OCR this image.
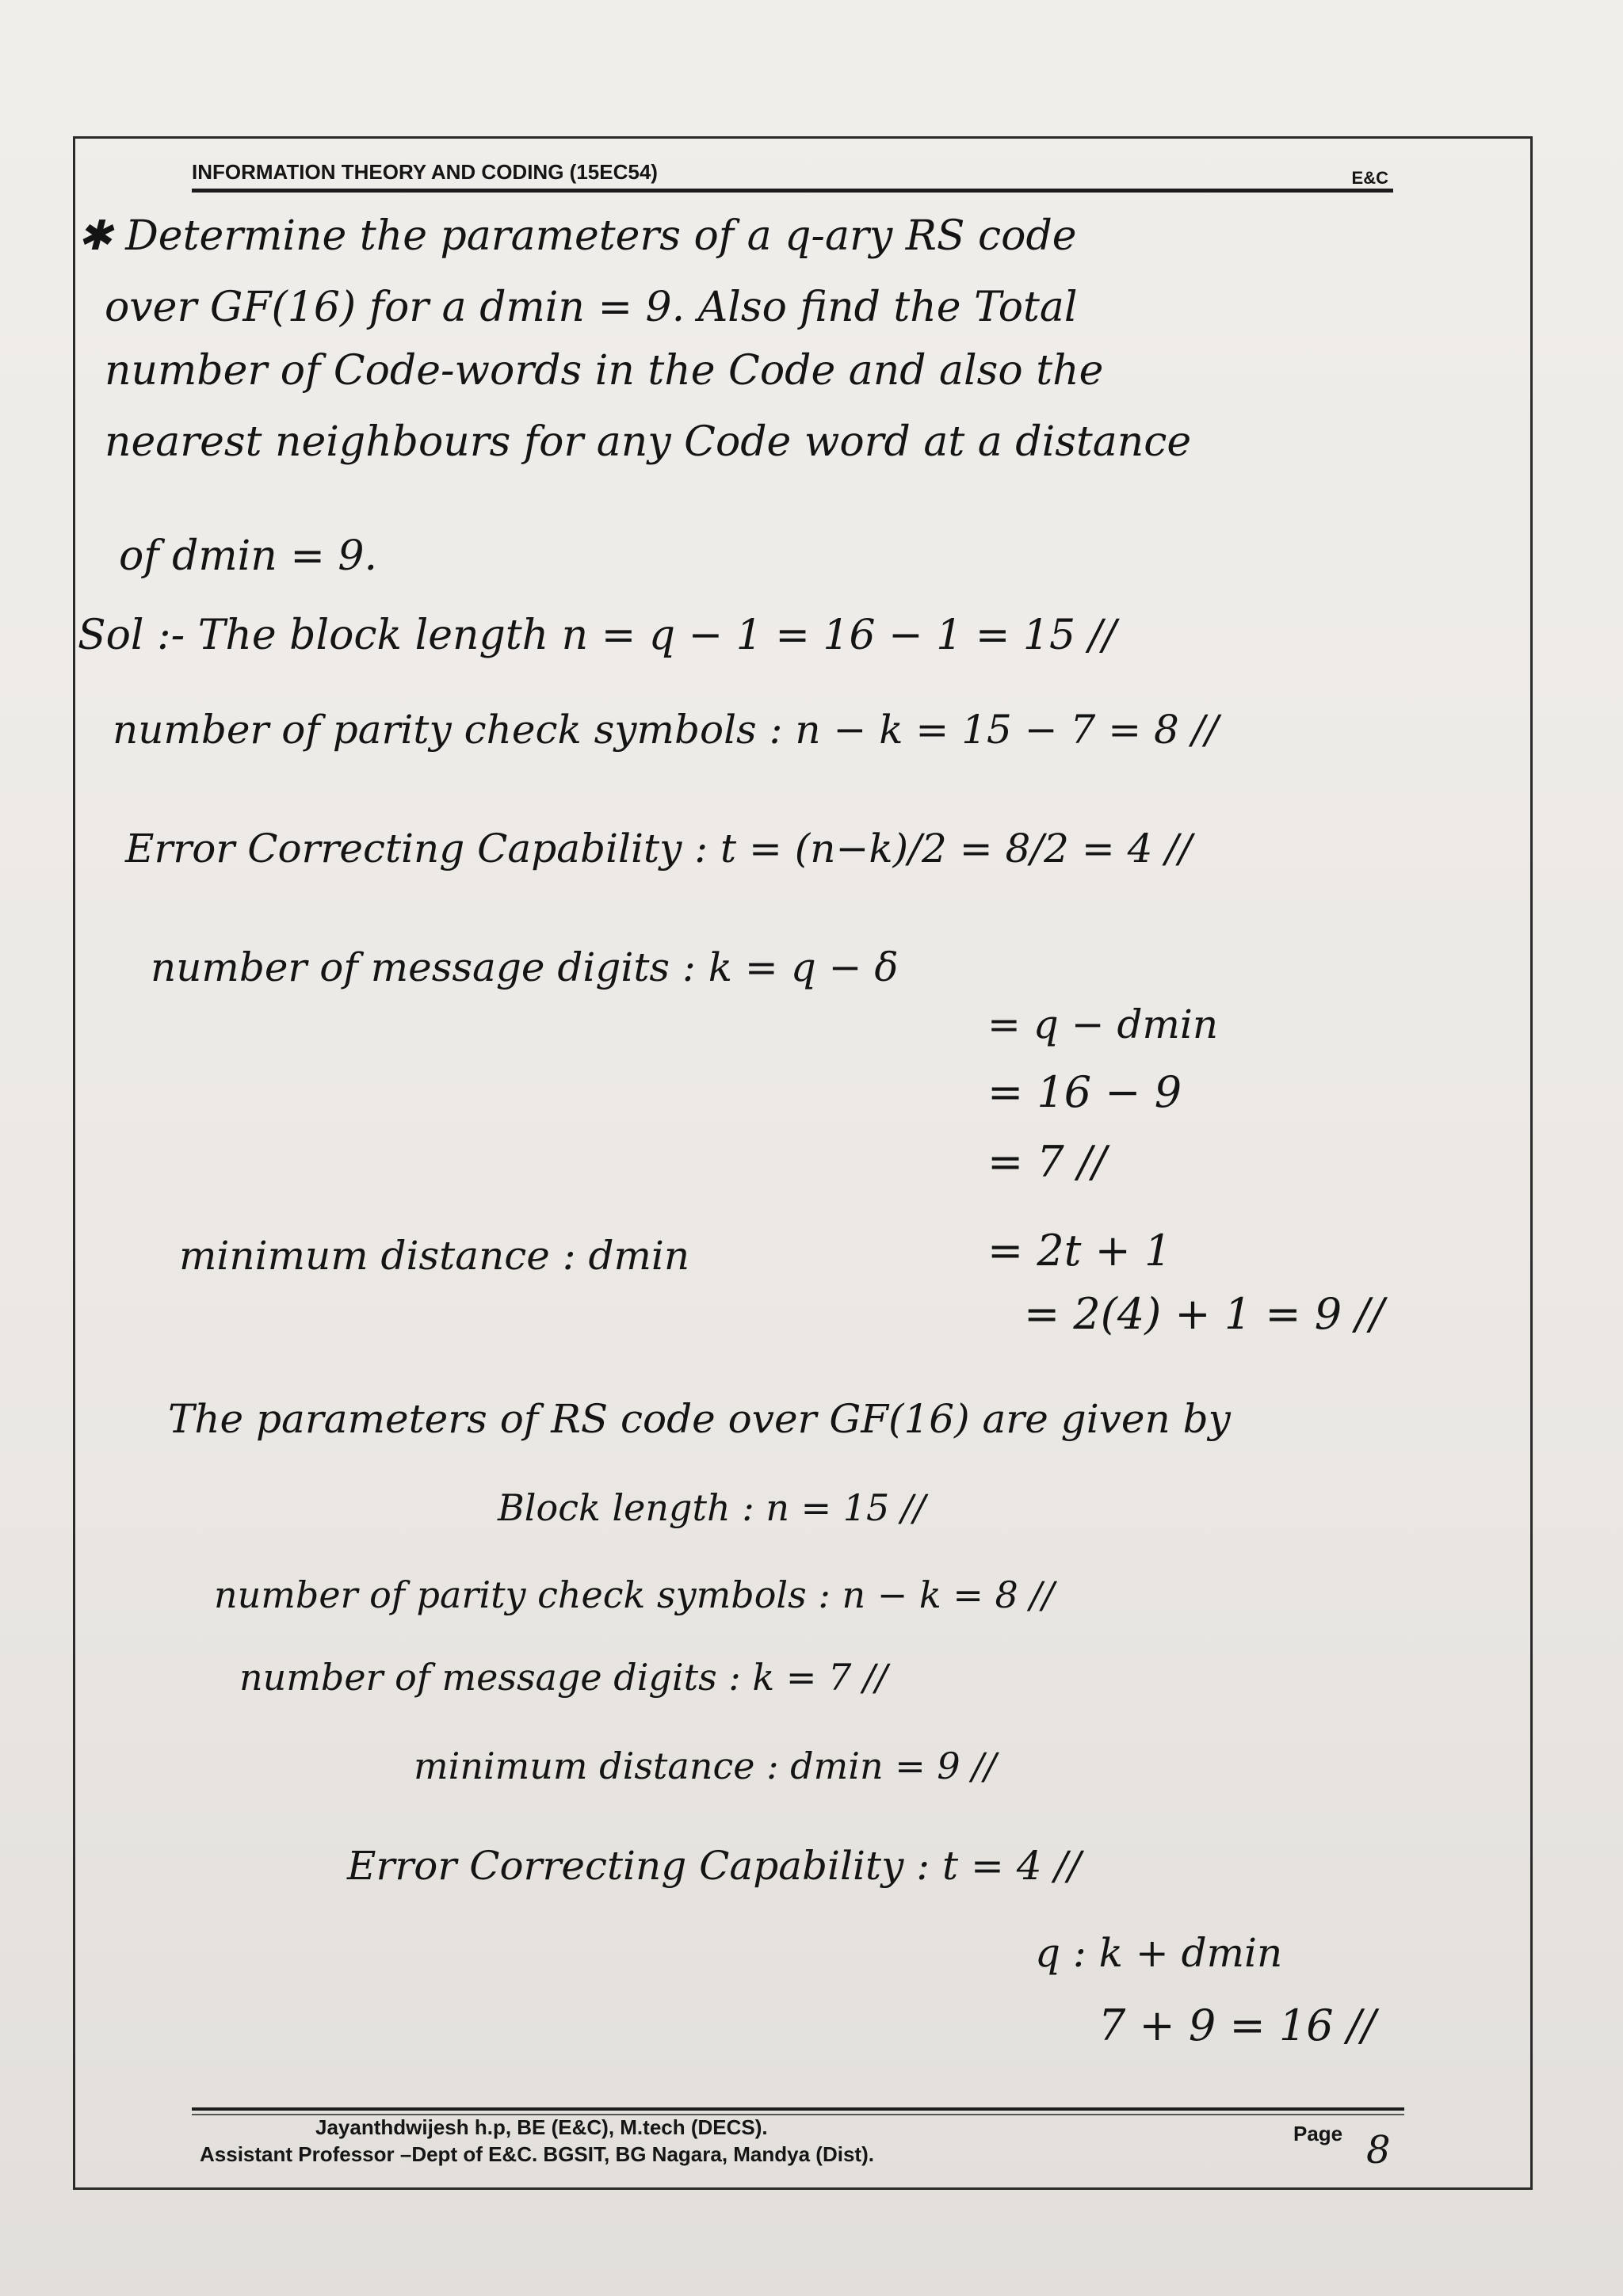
INFORMATION THEORY AND CODING (15EC54)	E&C
✱ Determine the parameters of a q-ary RS code
over GF(16) for a dmin = 9. Also find the Total
number of Code-words in the Code and also the
nearest neighbours for any Code word at a distance
of dmin = 9.
Sol :- The block length n = q − 1 = 16 − 1 = 15 //
number of parity check symbols : n − k = 15 − 7 = 8 //
Error Correcting Capability : t = (n−k)/2 = 8/2 = 4 //
number of message digits : k = q − δ
= q − dmin
= 16 − 9
= 7 //
minimum distance : dmin	= 2t + 1
= 2(4) + 1 = 9 //
The parameters of RS code over GF(16) are given by
Block length : n = 15 //
number of parity check symbols : n − k = 8 //
number of message digits : k = 7 //
minimum distance : dmin = 9 //
Error Correcting Capability : t = 4 //
q : k + dmin
7 + 9 = 16 //
Jayanthdwijesh h.p, BE (E&C), M.tech (DECS).
Assistant Professor –Dept of E&C. BGSIT, BG Nagara, Mandya (Dist).
Page 8
